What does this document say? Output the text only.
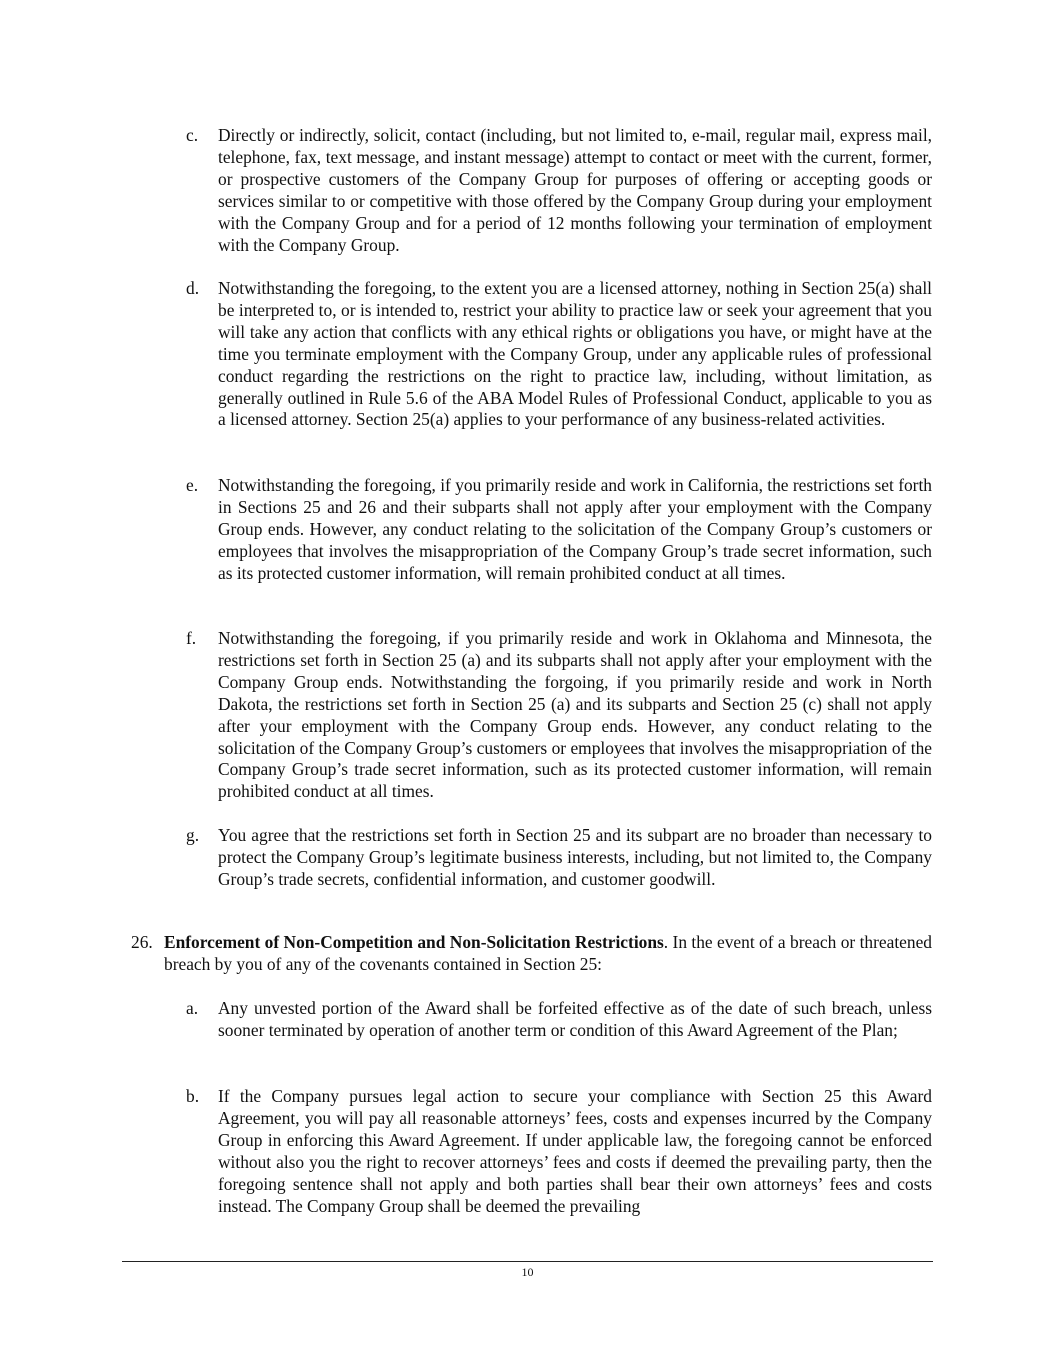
c. Directly or indirectly, solicit, contact (including, but not limited to, e-mail, regular mail, express mail, telephone, fax, text message, and instant message) attempt to contact or meet with the current, former, or prospective customers of the Company Group for purposes of offering or accepting goods or services similar to or competitive with those offered by the Company Group during your employment with the Company Group and for a period of 12 months following your termination of employment with the Company Group.
d. Notwithstanding the foregoing, to the extent you are a licensed attorney, nothing in Section 25(a) shall be interpreted to, or is intended to, restrict your ability to practice law or seek your agreement that you will take any action that conflicts with any ethical rights or obligations you have, or might have at the time you terminate employment with the Company Group, under any applicable rules of professional conduct regarding the restrictions on the right to practice law, including, without limitation, as generally outlined in Rule 5.6 of the ABA Model Rules of Professional Conduct, applicable to you as a licensed attorney. Section 25(a) applies to your performance of any business-related activities.
e. Notwithstanding the foregoing, if you primarily reside and work in California, the restrictions set forth in Sections 25 and 26 and their subparts shall not apply after your employment with the Company Group ends. However, any conduct relating to the solicitation of the Company Group’s customers or employees that involves the misappropriation of the Company Group’s trade secret information, such as its protected customer information, will remain prohibited conduct at all times.
f. Notwithstanding the foregoing, if you primarily reside and work in Oklahoma and Minnesota, the restrictions set forth in Section 25 (a) and its subparts shall not apply after your employment with the Company Group ends. Notwithstanding the forgoing, if you primarily reside and work in North Dakota, the restrictions set forth in Section 25 (a) and its subparts and Section 25 (c) shall not apply after your employment with the Company Group ends. However, any conduct relating to the solicitation of the Company Group’s customers or employees that involves the misappropriation of the Company Group’s trade secret information, such as its protected customer information, will remain prohibited conduct at all times.
g. You agree that the restrictions set forth in Section 25 and its subpart are no broader than necessary to protect the Company Group’s legitimate business interests, including, but not limited to, the Company Group’s trade secrets, confidential information, and customer goodwill.
26. Enforcement of Non-Competition and Non-Solicitation Restrictions. In the event of a breach or threatened breach by you of any of the covenants contained in Section 25:
a. Any unvested portion of the Award shall be forfeited effective as of the date of such breach, unless sooner terminated by operation of another term or condition of this Award Agreement of the Plan;
b. If the Company pursues legal action to secure your compliance with Section 25 this Award Agreement, you will pay all reasonable attorneys’ fees, costs and expenses incurred by the Company Group in enforcing this Award Agreement. If under applicable law, the foregoing cannot be enforced without also you the right to recover attorneys’ fees and costs if deemed the prevailing party, then the foregoing sentence shall not apply and both parties shall bear their own attorneys’ fees and costs instead. The Company Group shall be deemed the prevailing
10
